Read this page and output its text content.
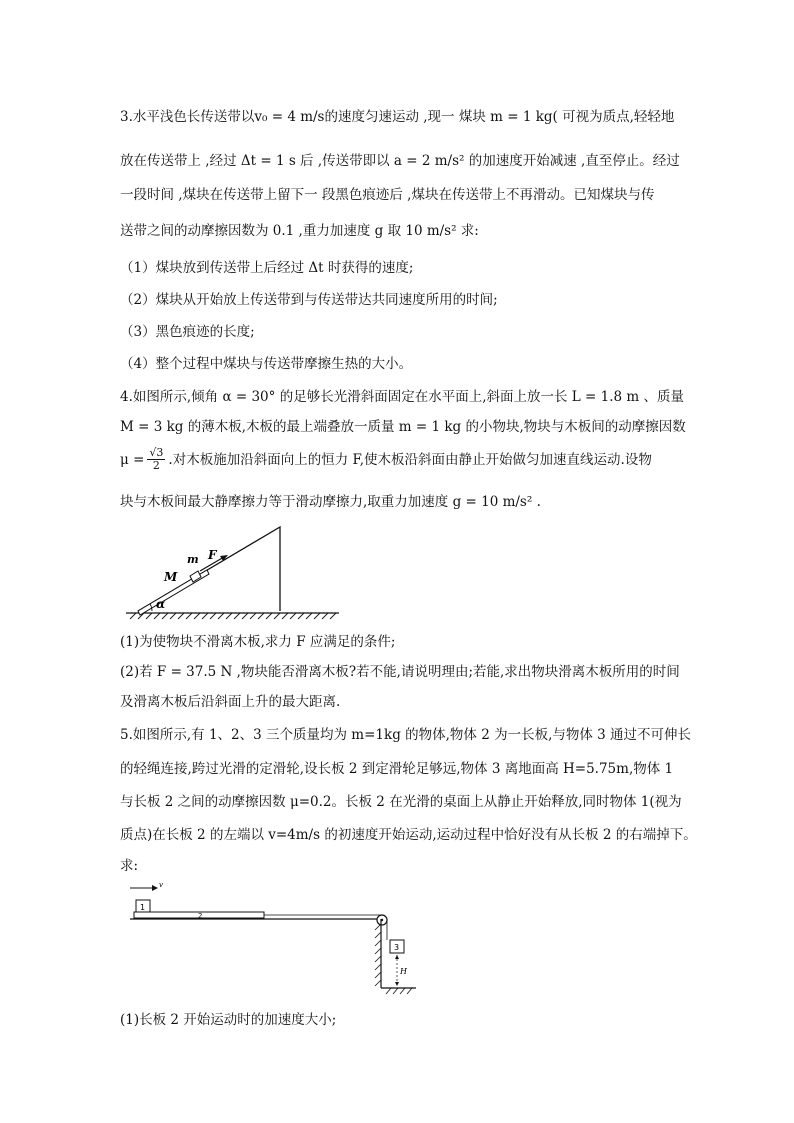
3.水平浅色长传送带以v₀ = 4 m/s的速度匀速运动 ,现一 煤块 m = 1 kg( 可视为质点,轻轻地
放在传送带上 ,经过 Δt = 1 s 后 ,传送带即以 a = 2 m/s² 的加速度开始减速 ,直至停止。经过
一段时间 ,煤块在传送带上留下一 段黑色痕迹后 ,煤块在传送带上不再滑动。已知煤块与传
送带之间的动摩擦因数为 0.1 ,重力加速度 g 取 10 m/s² 求:
（1）煤块放到传送带上后经过 Δt 时获得的速度;
（2）煤块从开始放上传送带到与传送带达共同速度所用的时间;
（3）黑色痕迹的长度;
（4）整个过程中煤块与传送带摩擦生热的大小。
4.如图所示,倾角 α = 30° 的足够长光滑斜面固定在水平面上,斜面上放一长 L = 1.8 m 、质量
M = 3 kg 的薄木板,木板的最上端叠放一质量 m = 1 kg 的小物块,物块与木板间的动摩擦因数
$\mu = \frac{√3}{2}$ .对木板施加沿斜面向上的恒力 F,使木板沿斜面由静止开始做匀加速直线运动.设物
块与木板间最大静摩擦力等于滑动摩擦力,取重力加速度 g = 10 m/s² .
M
m F
α
(1)为使物块不滑离木板,求力 F 应满足的条件;
(2)若 F = 37.5 N ,物块能否滑离木板?若不能,请说明理由;若能,求出物块滑离木板所用的时间
及滑离木板后沿斜面上升的最大距离.
5.如图所示,有 1、2、3 三个质量均为 m=1kg 的物体,物体 2 为一长板,与物体 3 通过不可伸长
的轻绳连接,跨过光滑的定滑轮,设长板 2 到定滑轮足够远,物体 3 离地面高 H=5.75m,物体 1
与长板 2 之间的动摩擦因数 μ=0.2。长板 2 在光滑的桌面上从静止开始释放,同时物体 1(视为
质点)在长板 2 的左端以 v=4m/s 的初速度开始运动,运动过程中恰好没有从长板 2 的右端掉下。
求:
v
1
2
3
H
(1)长板 2 开始运动时的加速度大小;
